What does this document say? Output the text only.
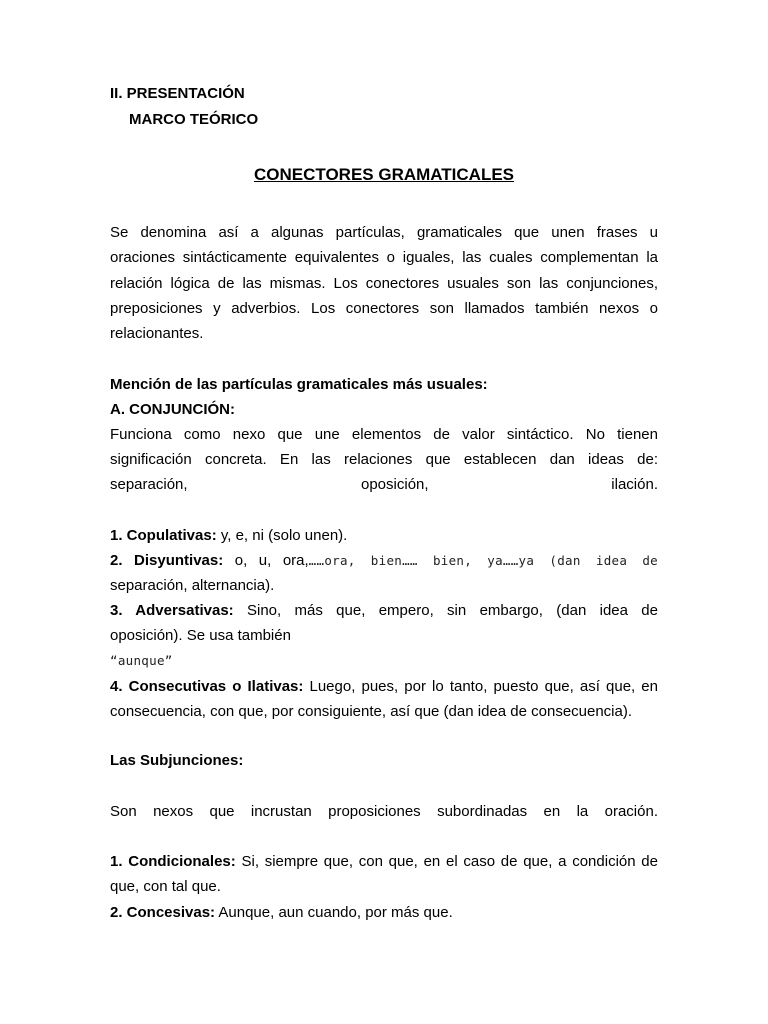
II. PRESENTACIÓN
MARCO TEÓRICO
CONECTORES GRAMATICALES
Se denomina así a algunas partículas, gramaticales que unen frases u
oraciones sintácticamente equivalentes o iguales, las cuales complementan la
relación lógica de las mismas. Los conectores usuales son las conjunciones,
preposiciones y adverbios. Los conectores son llamados también nexos o
relacionantes.
Mención de las partículas gramaticales más usuales:
A. CONJUNCIÓN:
Funciona como nexo que une elementos de valor sintáctico. No tienen
significación concreta. En las relaciones que establecen dan ideas de:
separación,	oposición,	ilación.
1. Copulativas: y, e, ni (solo unen).
2. Disyuntivas: o, u, ora,……ora, bien…… bien, ya……ya (dan idea de
separación, alternancia).
3. Adversativas: Sino, más que, empero, sin embargo, (dan idea de
oposición). Se usa también
“aunque”
4. Consecutivas o Ilativas: Luego, pues, por lo tanto, puesto que, así que, en
consecuencia, con que, por consiguiente, así que (dan idea de consecuencia).
Las Subjunciones:
Son nexos que incrustan proposiciones subordinadas en la oración.
1. Condicionales: Si, siempre que, con que, en el caso de que, a condición de
que, con tal que.
2. Concesivas: Aunque, aun cuando, por más que.
